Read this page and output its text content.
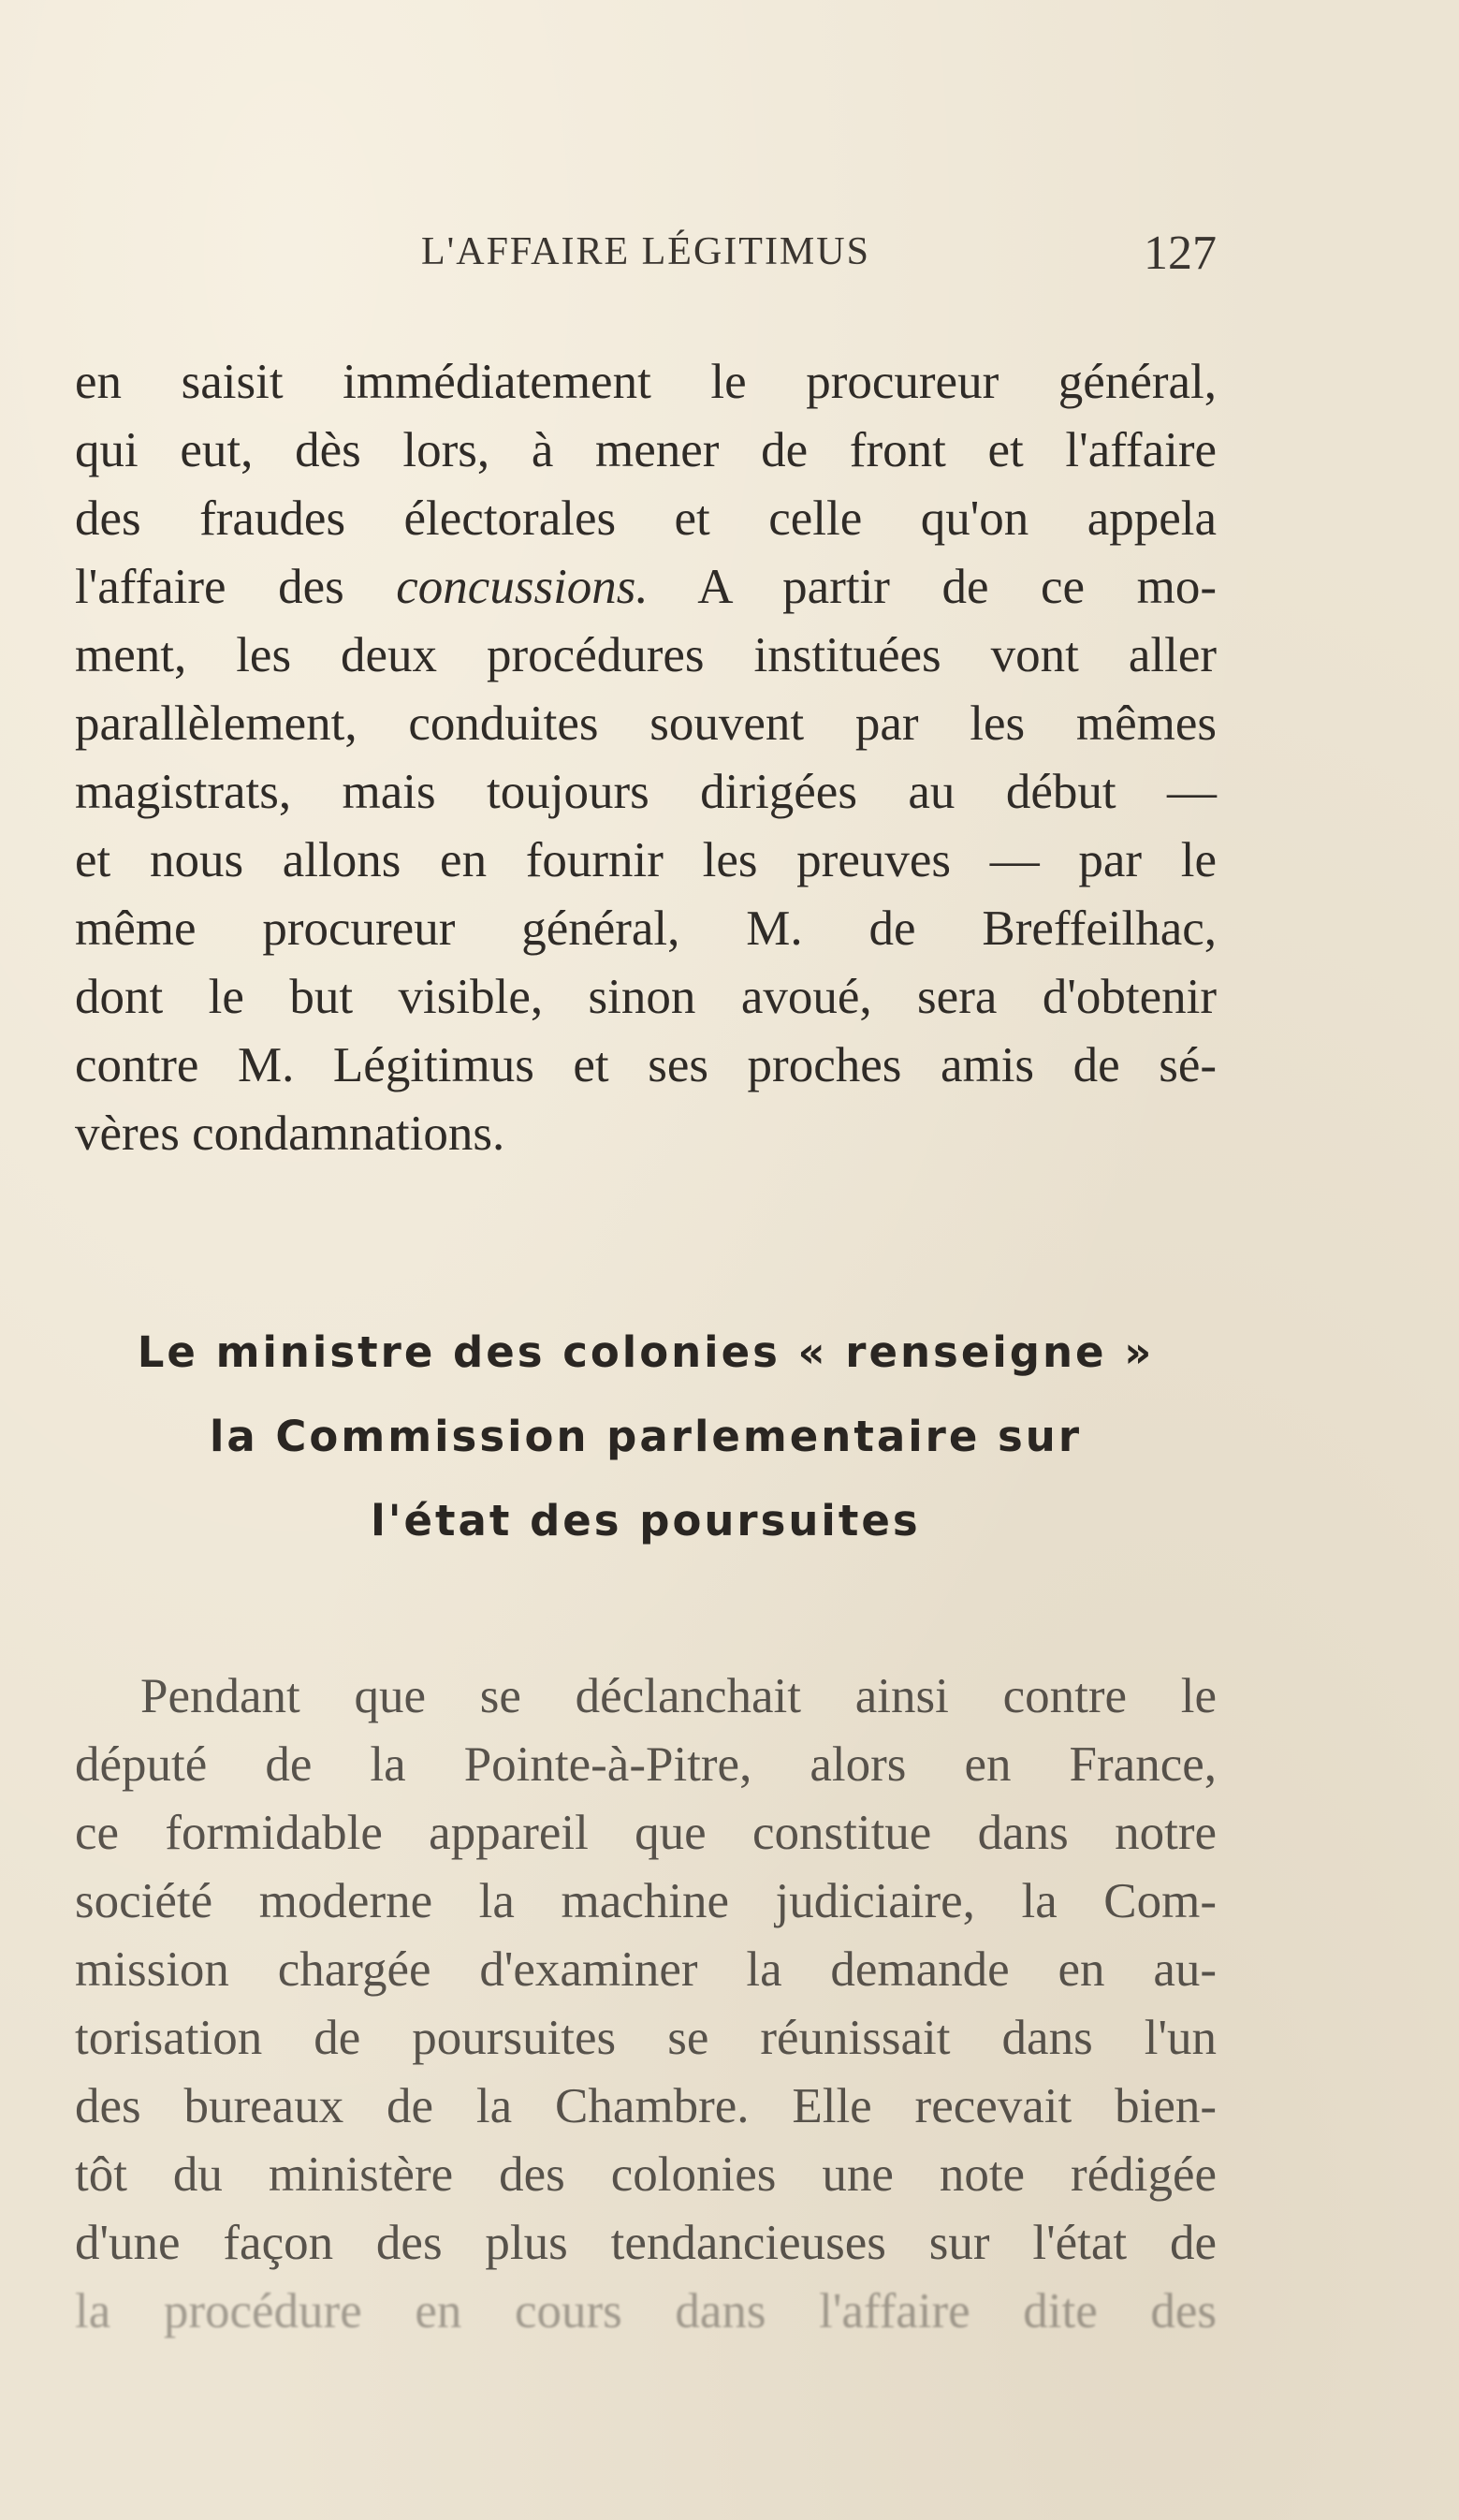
L'AFFAIRE LÉGITIMUS	127
en saisit immédiatement le procureur général,
qui eut, dès lors, à mener de front et l'affaire
des fraudes électorales et celle qu'on appela
l'affaire des concussions. A partir de ce mo-
ment, les deux procédures instituées vont aller
parallèlement, conduites souvent par les mêmes
magistrats, mais toujours dirigées au début —
et nous allons en fournir les preuves — par le
même procureur général, M. de Breffeilhac,
dont le but visible, sinon avoué, sera d'obtenir
contre M. Légitimus et ses proches amis de sé-
vères condamnations.
Le ministre des colonies « renseigne »
la Commission parlementaire sur
l'état des poursuites
Pendant que se déclanchait ainsi contre le
député de la Pointe-à-Pitre, alors en France,
ce formidable appareil que constitue dans notre
société moderne la machine judiciaire, la Com-
mission chargée d'examiner la demande en au-
torisation de poursuites se réunissait dans l'un
des bureaux de la Chambre. Elle recevait bien-
tôt du ministère des colonies une note rédigée
d'une façon des plus tendancieuses sur l'état de
la procédure en cours dans l'affaire dite des
